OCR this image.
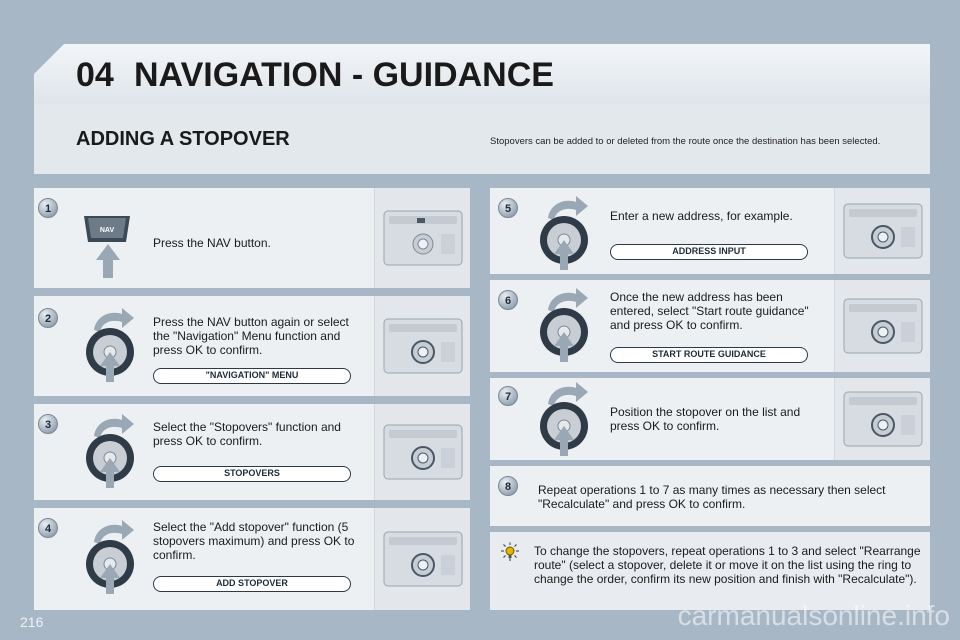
04 NAVIGATION - GUIDANCE
ADDING A STOPOVER	Stopovers can be added to or deleted from the route once the destination has been selected.
1
NAV
Press the NAV button.
2	Press the NAV button again or select the "Navigation" Menu function and press OK to confirm.
"NAVIGATION" MENU
3	Select the "Stopovers" function and press OK to confirm.
STOPOVERS
4	Select the "Add stopover" function (5 stopovers maximum) and press OK to confirm.
ADD STOPOVER
5	Enter a new address, for example.
ADDRESS INPUT
6	Once the new address has been entered, select "Start route guidance" and press OK to confirm.
START ROUTE GUIDANCE
7
Position the stopover on the list and press OK to confirm.
8	Repeat operations 1 to 7 as many times as necessary then select "Recalculate" and press OK to confirm.
To change the stopovers, repeat operations 1 to 3 and select "Rearrange route" (select a stopover, delete it or move it on the list using the ring to change the order, confirm its new position and finish with "Recalculate").
216	carmanualsonline.info
